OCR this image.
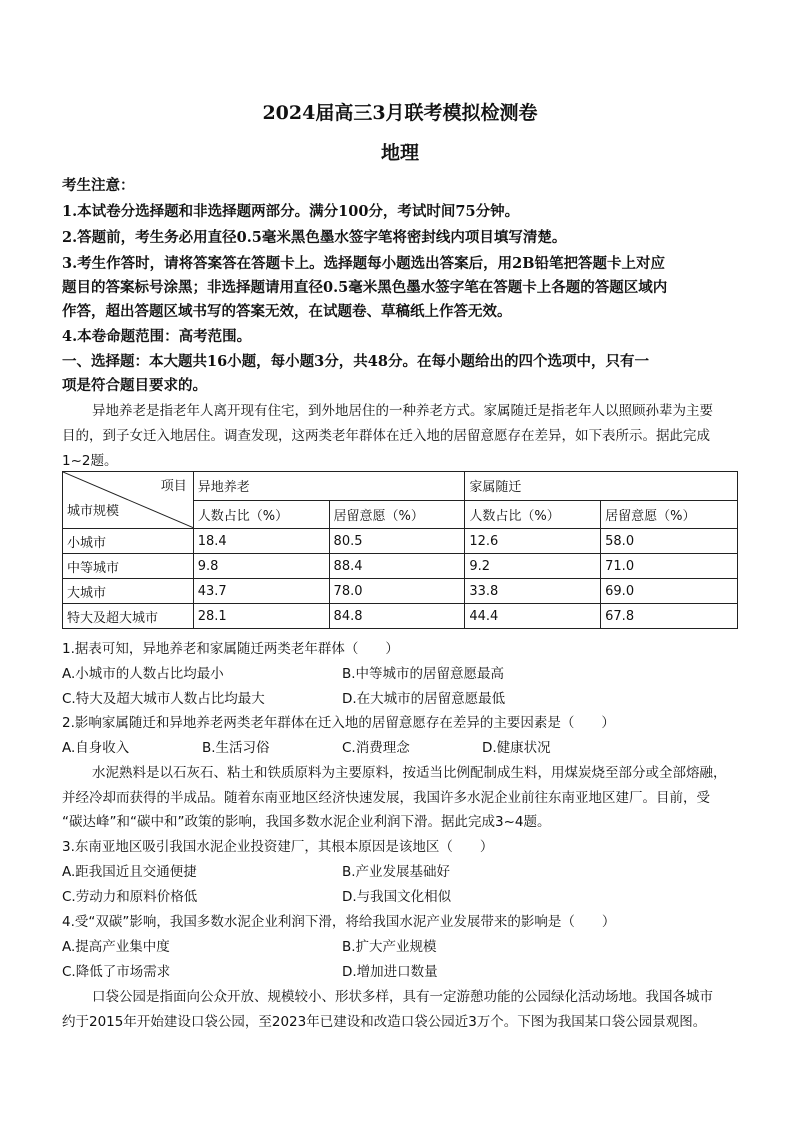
2024届高三3月联考模拟检测卷
地理
考生注意：
1.本试卷分选择题和非选择题两部分。满分100分，考试时间75分钟。
2.答题前，考生务必用直径0.5毫米黑色墨水签字笔将密封线内项目填写清楚。
3.考生作答时，请将答案答在答题卡上。选择题每小题选出答案后，用2B铅笔把答题卡上对应
题目的答案标号涂黑；非选择题请用直径0.5毫米黑色墨水签字笔在答题卡上各题的答题区域内
作答，超出答题区域书写的答案无效，在试题卷、草稿纸上作答无效。
4.本卷命题范围：高考范围。
一、选择题：本大题共16小题，每小题3分，共48分。在每小题给出的四个选项中，只有一
项是符合题目要求的。
异地养老是指老年人离开现有住宅，到外地居住的一种养老方式。家属随迁是指老年人以照顾孙辈为主要
目的，到子女迁入地居住。调查发现，这两类老年群体在迁入地的居留意愿存在差异，如下表所示。据此完成
1~2题。
项目
城市规模	异地养老		家属随迁	
	人数占比（%）	居留意愿（%）	人数占比（%）	居留意愿（%）
小城市	18.4	80.5	12.6	58.0
中等城市	9.8	88.4	9.2	71.0
大城市	43.7	78.0	33.8	69.0
特大及超大城市	28.1	84.8	44.4	67.8
1.据表可知，异地养老和家属随迁两类老年群体（　　）
A.小城市的人数占比均最小	B.中等城市的居留意愿最高
C.特大及超大城市人数占比均最大	D.在大城市的居留意愿最低
2.影响家属随迁和异地养老两类老年群体在迁入地的居留意愿存在差异的主要因素是（　　）
A.自身收入	B.生活习俗	C.消费理念	D.健康状况
水泥熟料是以石灰石、粘土和铁质原料为主要原料，按适当比例配制成生料，用煤炭烧至部分或全部熔融，
并经冷却而获得的半成品。随着东南亚地区经济快速发展，我国许多水泥企业前往东南亚地区建厂。目前，受
“碳达峰”和“碳中和”政策的影响，我国多数水泥企业利润下滑。据此完成3~4题。
3.东南亚地区吸引我国水泥企业投资建厂，其根本原因是该地区（　　）
A.距我国近且交通便捷	B.产业发展基础好
C.劳动力和原料价格低	D.与我国文化相似
4.受“双碳”影响，我国多数水泥企业利润下滑，将给我国水泥产业发展带来的影响是（　　）
A.提高产业集中度	B.扩大产业规模
C.降低了市场需求	D.增加进口数量
口袋公园是指面向公众开放、规模较小、形状多样，具有一定游憩功能的公园绿化活动场地。我国各城市
约于2015年开始建设口袋公园，至2023年已建设和改造口袋公园近3万个。下图为我国某口袋公园景观图。
